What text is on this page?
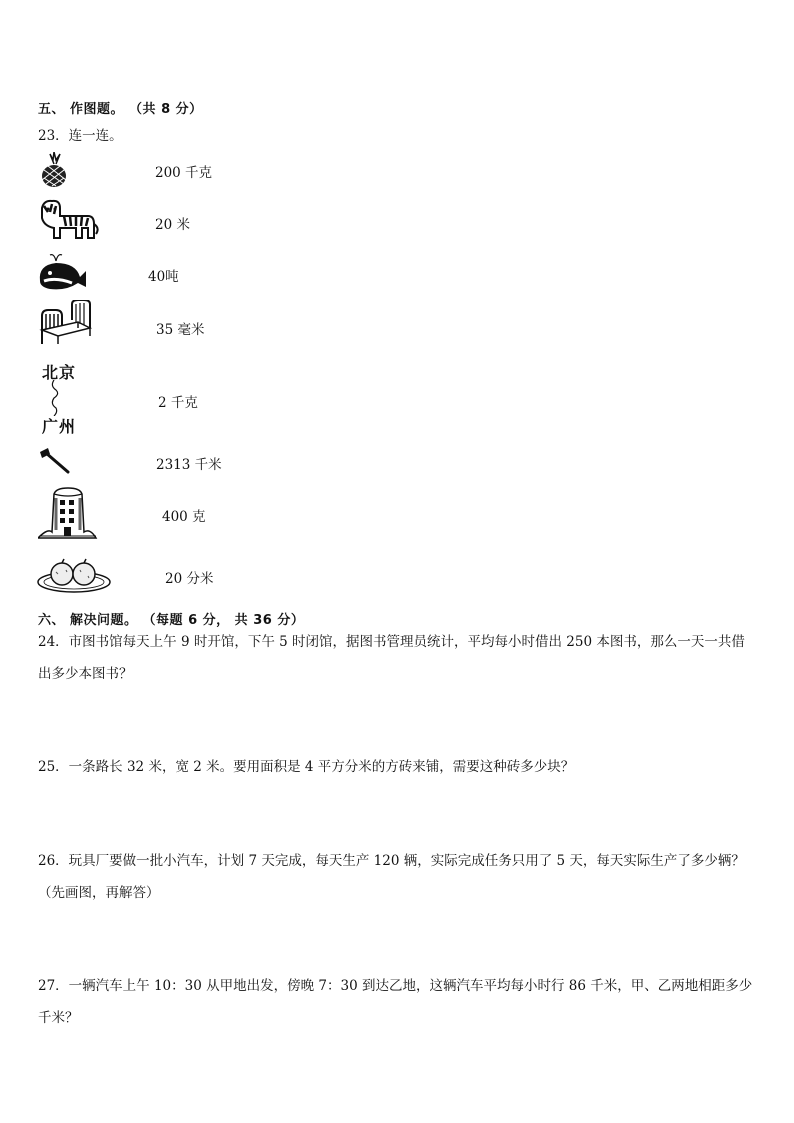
五、 作图题。 （共 8 分）
23．连一连。
200 千克
20 米
40吨
35 毫米
北京
广州
2 千克
2313 千米
400 克
20 分米
六、 解决问题。 （每题 6 分， 共 36 分）
24．市图书馆每天上午 9 时开馆，下午 5 时闭馆，据图书管理员统计，平均每小时借出 250 本图书，那么一天一共借
出多少本图书？
25．一条路长 32 米，宽 2 米。要用面积是 4 平方分米的方砖来铺，需要这种砖多少块？
26．玩具厂要做一批小汽车，计划 7 天完成，每天生产 120 辆，实际完成任务只用了 5 天，每天实际生产了多少辆？
（先画图，再解答）
27．一辆汽车上午 10：30 从甲地出发，傍晚 7：30 到达乙地，这辆汽车平均每小时行 86 千米，甲、乙两地相距多少
千米？
